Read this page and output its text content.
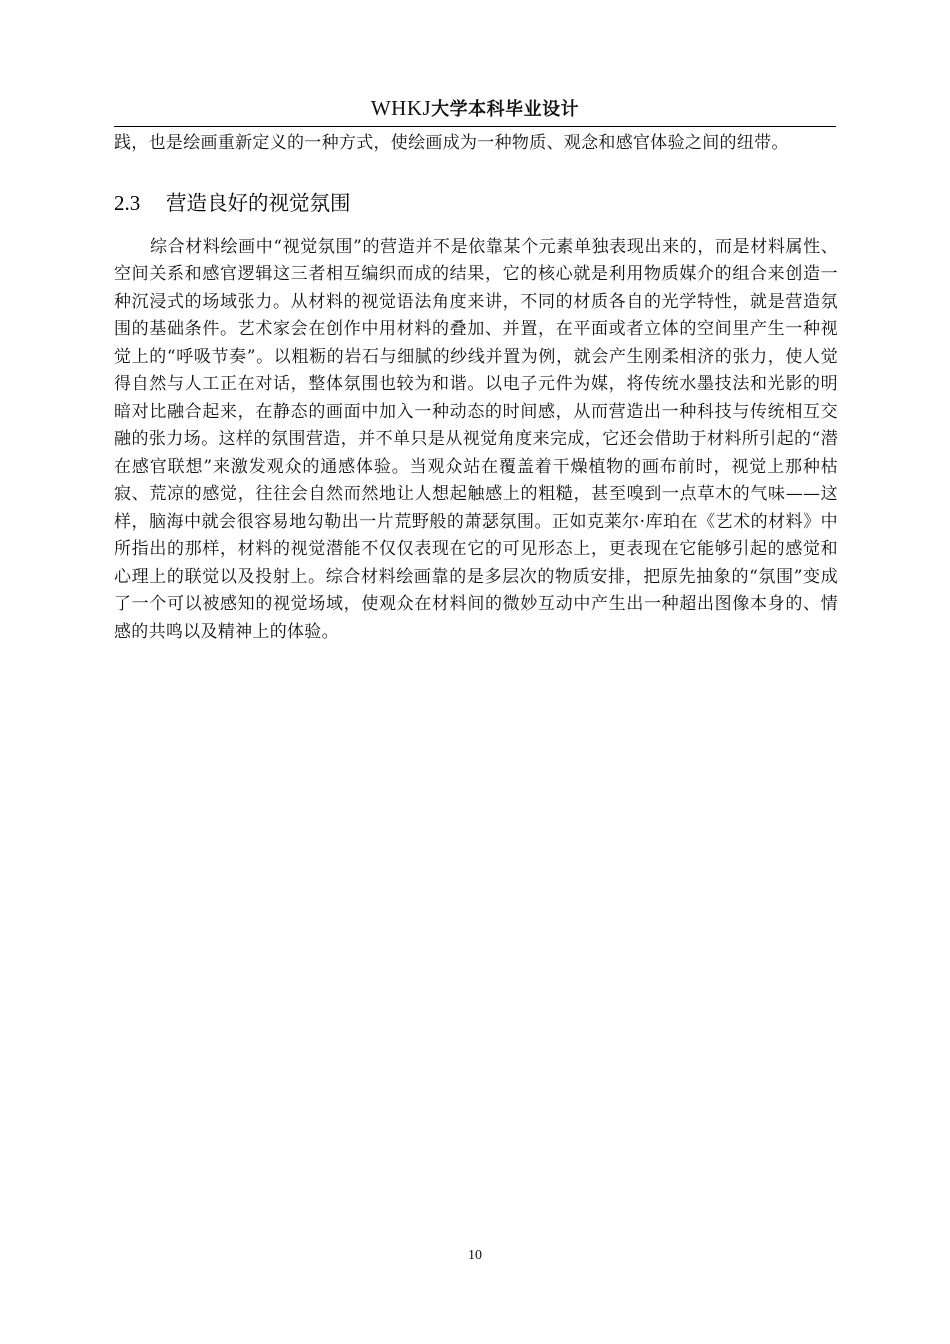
WHKJ大学本科毕业设计

践，也是绘画重新定义的一种方式，使绘画成为一种物质、观念和感官体验之间的纽带。

2.3 营造良好的视觉氛围

综合材料绘画中“视觉氛围”的营造并不是依靠某个元素单独表现出来的，而是材料属性、空间关系和感官逻辑这三者相互编织而成的结果，它的核心就是利用物质媒介的组合来创造一种沉浸式的场域张力。从材料的视觉语法角度来讲，不同的材质各自的光学特性，就是营造氛围的基础条件。艺术家会在创作中用材料的叠加、并置，在平面或者立体的空间里产生一种视觉上的“呼吸节奏”。以粗粝的岩石与细腻的纱线并置为例，就会产生刚柔相济的张力，使人觉得自然与人工正在对话，整体氛围也较为和谐。以电子元件为媒，将传统水墨技法和光影的明暗对比融合起来，在静态的画面中加入一种动态的时间感，从而营造出一种科技与传统相互交融的张力场。这样的氛围营造，并不单只是从视觉角度来完成，它还会借助于材料所引起的“潜在感官联想”来激发观众的通感体验。当观众站在覆盖着干燥植物的画布前时，视觉上那种枯寂、荒凉的感觉，往往会自然而然地让人想起触感上的粗糙，甚至嗅到一点草木的气味——这样，脑海中就会很容易地勾勒出一片荒野般的萧瑟氛围。正如克莱尔·库珀在《艺术的材料》中所指出的那样，材料的视觉潜能不仅仅表现在它的可见形态上，更表现在它能够引起的感觉和心理上的联觉以及投射上。综合材料绘画靠的是多层次的物质安排，把原先抽象的“氛围”变成了一个可以被感知的视觉场域，使观众在材料间的微妙互动中产生出一种超出图像本身的、情感的共鸣以及精神上的体验。

10
